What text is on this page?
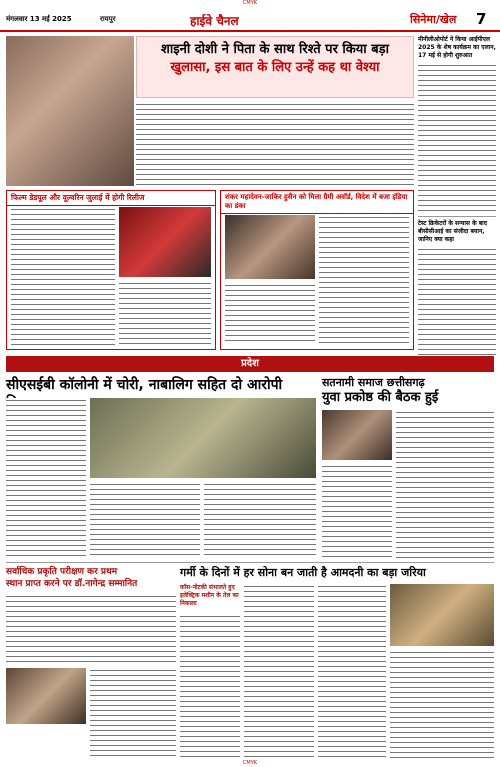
CMYK
मंगलवार 13 मई 2025	रायपुर	हाईवे चैनल	सिनेमा/खेल 7
शाइनी दोशी ने पिता के साथ रिश्ते पर किया बड़ा
खुलासा, इस बात के लिए उन्हें कह था वेश्या
मीनीलीओपोर्ट ने किया आईपीएल 2025 के शेष कार्यक्रम का एलान, 17 मई से होगी शुरुआत
टेस्ट क्रिकेटरों के सन्यास के बाद बीसीसीआई का संजीदा बयान, जानिए क्या कहा
फिल्म डेडपूल और वूल्वरिन जुलाई में होगी रिलीज	शंकर महादेवन-जाकिर हुसैन को मिला ग्रैमी अवॉर्ड, विदेश में बजा इंडिया का डंका
प्रदेश
सीएसईबी कॉलोनी में चोरी, नाबालिग सहित दो आरोपी	सतनामी समाज छत्तीसगढ़
युवा प्रकोष्ठ की बैठक हुई
सर्वाधिक प्रकृति परीक्षण कर प्रथम
स्थान प्राप्त करने पर डॉ.नागेन्द्र सम्मानित
गर्मी के दिनों में हर सोना बन जाती है आमदनी का बड़ा जरिया
कॉस-नोटकी संभालते हुए इलेक्ट्रिक मशीन के तेल का निकाला
CMYK
